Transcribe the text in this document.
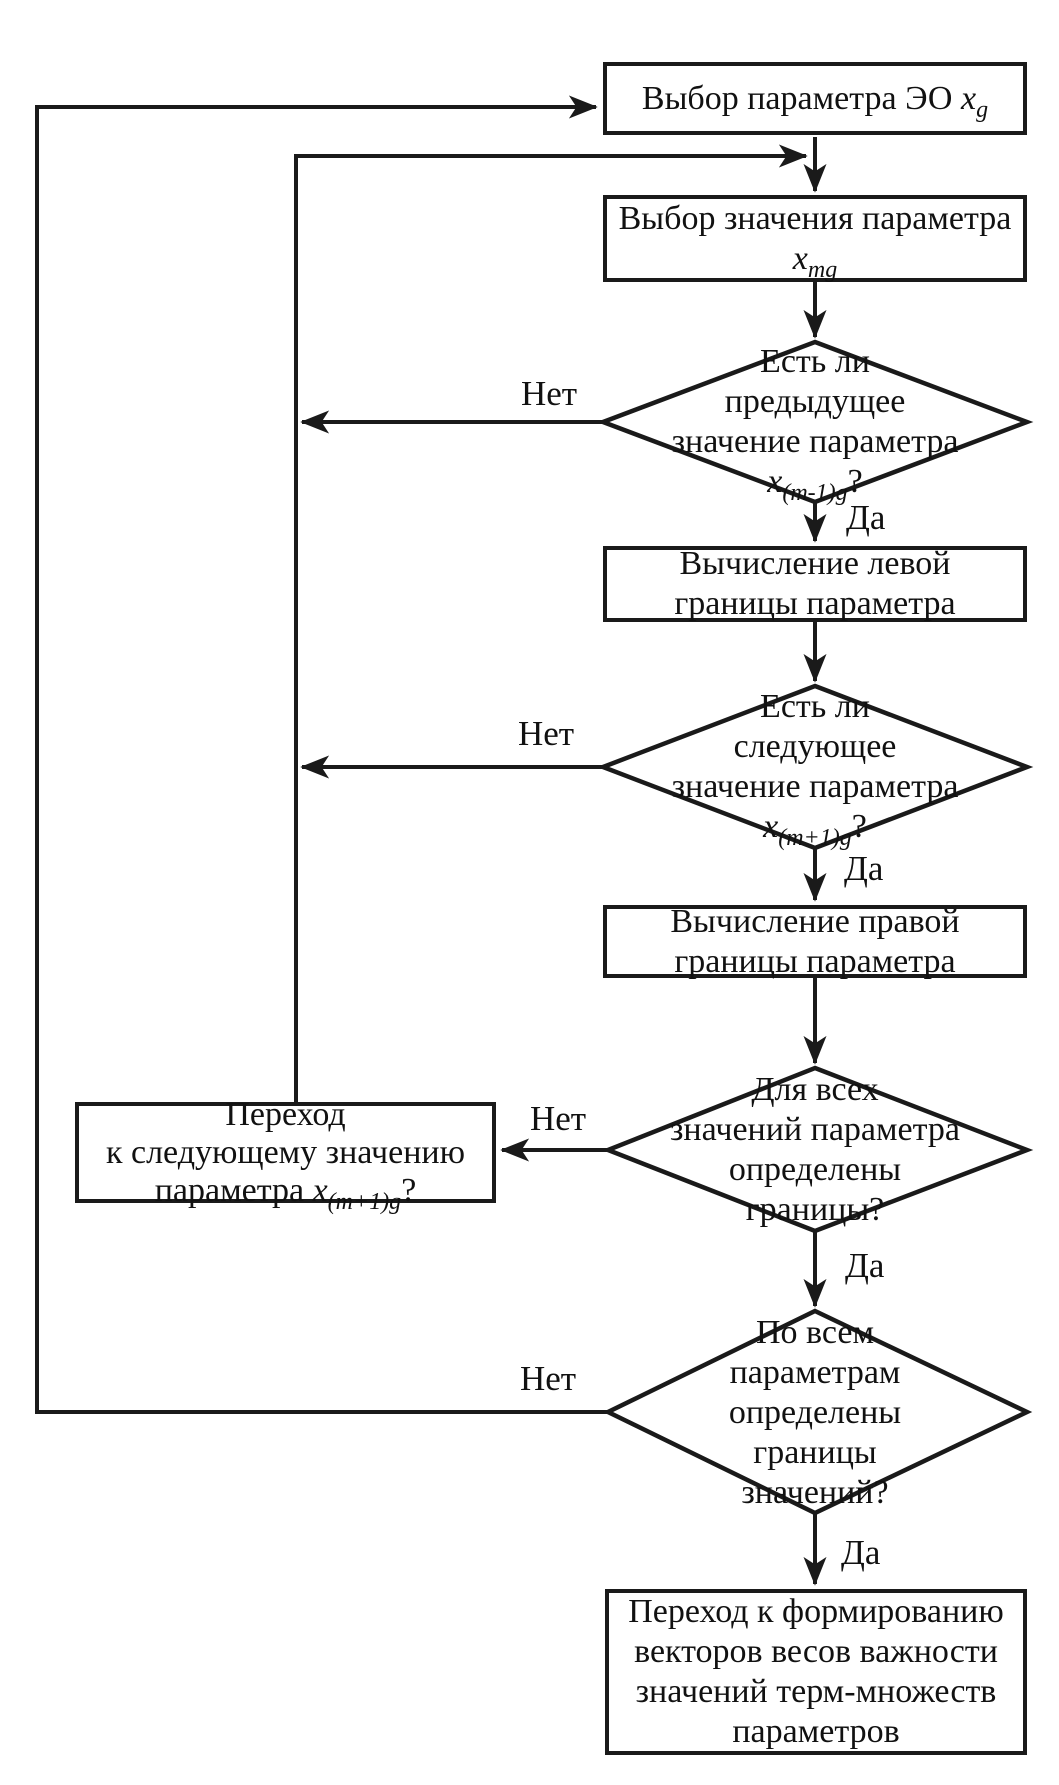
Выбор параметра ЭО $x_g$
Выбор значения параметра
$x_{mg}$
Вычисление левой
границы параметра
Вычисление правой
границы параметра
Переход
к следующему значению
параметра $x_{(m+1)g}$?
Переход к формированию
векторов весов важности
значений терм-множеств
параметров
Есть ли
предыдущее
значение параметра
$x_{(m-1)g}$?
Есть ли
следующее
значение параметра
$x_{(m+1)g}$?
Для всех
значений параметра
определены
границы?
По всем
параметрам
определены
границы
значений?
Да
Да
Да
Да
Нет
Нет
Нет
Нет
